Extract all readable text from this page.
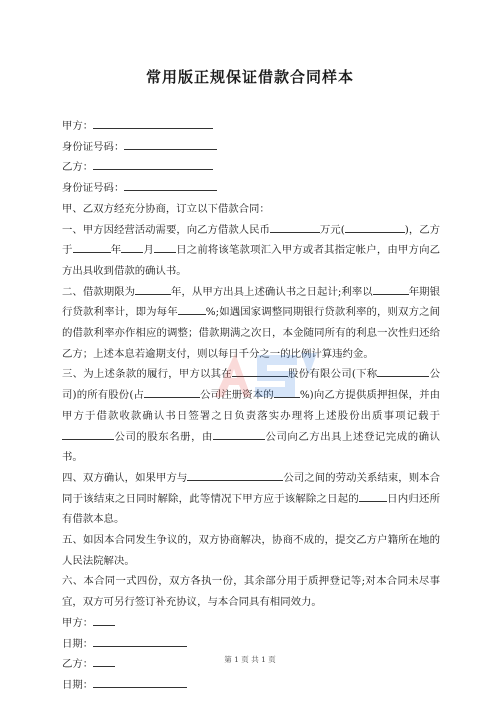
常用版正规保证借款合同样本

甲方：

身份证号码：

乙方：

身份证号码：

甲、乙双方经充分协商，订立以下借款合同：

一、甲方因经营活动需要，向乙方借款人民币	万元(	)，乙方于	年 月 日之前将该笔款项汇入甲方或者其指定帐户，由甲方向乙方出具收到借款的确认书。

二、借款期限为	年，从甲方出具上述确认书之日起计;利率以	年期银行贷款利率计，即为每年	%;如遇国家调整同期银行贷款利率的，则双方之间的借款利率亦作相应的调整；借款期满之次日，本金随同所有的利息一次性归还给乙方；上述本息若逾期支付，则以每日千分之一的比例计算违约金。

三、为上述条款的履行，甲方以其在	股份有限公司(下称	公司)的所有股份(占	公司注册资本的	%)向乙方提供质押担保，并由甲方于借款收款确认书日签署之日负责落实办理将上述股份出质事项记载于公司的股东名册，由	公司向乙方出具上述登记完成的确认书。

四、双方确认，如果甲方与	公司之间的劳动关系结束，则本合同于该结束之日同时解除，此等情况下甲方应于该解除之日起的	日内归还所有借款本息。

五、如因本合同发生争议的，双方协商解决，协商不成的，提交乙方户籍所在地的人民法院解决。

六、本合同一式四份，双方各执一份，其余部分用于质押登记等;对本合同未尽事宜，双方可另行签订补充协议，与本合同具有相同效力。

甲方：

日期：

乙方：

日期：

第 1 页 共 1 页
